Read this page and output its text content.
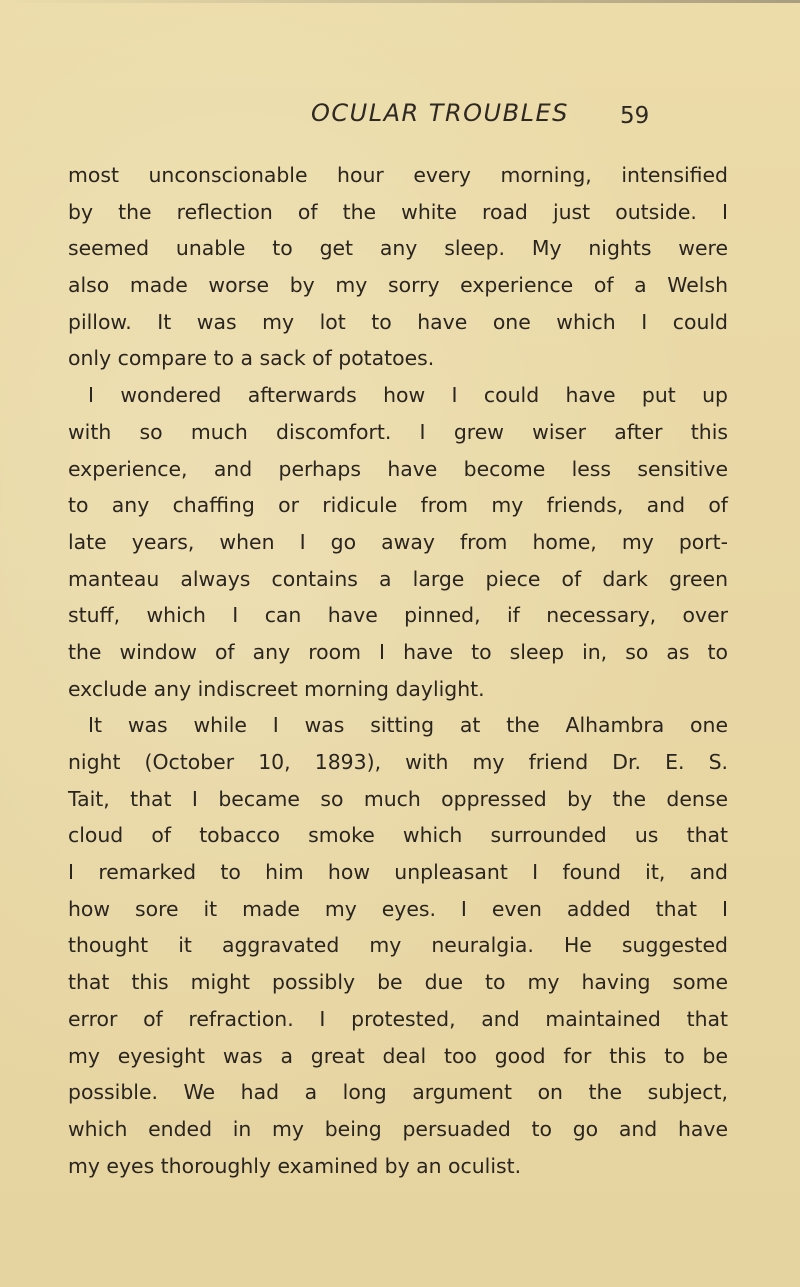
OCULAR TROUBLES 59
most unconscionable hour every morning, intensified
by the reflection of the white road just outside. I
seemed unable to get any sleep. My nights were
also made worse by my sorry experience of a Welsh
pillow. It was my lot to have one which I could
only compare to a sack of potatoes.
I wondered afterwards how I could have put up
with so much discomfort. I grew wiser after this
experience, and perhaps have become less sensitive
to any chaffing or ridicule from my friends, and of
late years, when I go away from home, my port-
manteau always contains a large piece of dark green
stuff, which I can have pinned, if necessary, over
the window of any room I have to sleep in, so as to
exclude any indiscreet morning daylight.
It was while I was sitting at the Alhambra one
night (October 10, 1893), with my friend Dr. E. S.
Tait, that I became so much oppressed by the dense
cloud of tobacco smoke which surrounded us that
I remarked to him how unpleasant I found it, and
how sore it made my eyes. I even added that I
thought it aggravated my neuralgia. He suggested
that this might possibly be due to my having some
error of refraction. I protested, and maintained that
my eyesight was a great deal too good for this to be
possible. We had a long argument on the subject,
which ended in my being persuaded to go and have
my eyes thoroughly examined by an oculist.
